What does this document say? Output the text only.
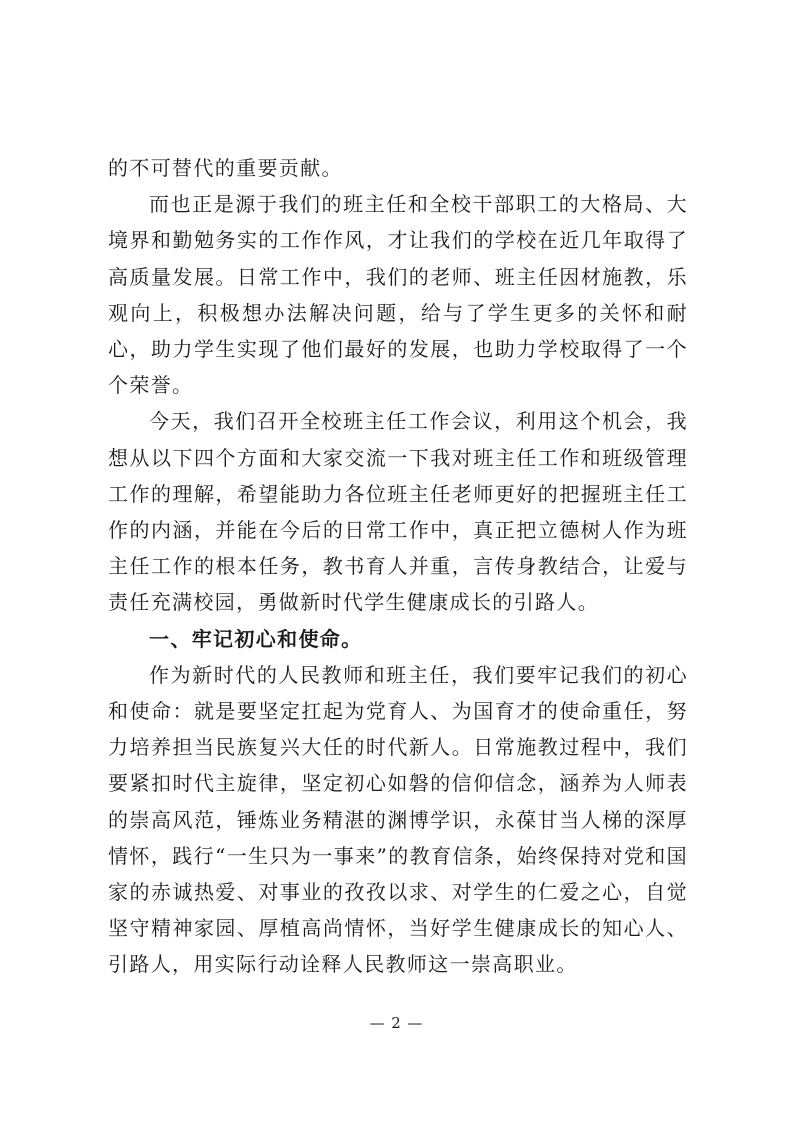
的不可替代的重要贡献。

而也正是源于我们的班主任和全校干部职工的大格局、大境界和勤勉务实的工作作风，才让我们的学校在近几年取得了高质量发展。日常工作中，我们的老师、班主任因材施教，乐观向上，积极想办法解决问题，给与了学生更多的关怀和耐心，助力学生实现了他们最好的发展，也助力学校取得了一个个荣誉。

今天，我们召开全校班主任工作会议，利用这个机会，我想从以下四个方面和大家交流一下我对班主任工作和班级管理工作的理解，希望能助力各位班主任老师更好的把握班主任工作的内涵，并能在今后的日常工作中，真正把立德树人作为班主任工作的根本任务，教书育人并重，言传身教结合，让爱与责任充满校园，勇做新时代学生健康成长的引路人。

一、牢记初心和使命。

作为新时代的人民教师和班主任，我们要牢记我们的初心和使命：就是要坚定扛起为党育人、为国育才的使命重任，努力培养担当民族复兴大任的时代新人。日常施教过程中，我们要紧扣时代主旋律，坚定初心如磐的信仰信念，涵养为人师表的崇高风范，锤炼业务精湛的渊博学识，永葆甘当人梯的深厚情怀，践行“一生只为一事来”的教育信条，始终保持对党和国家的赤诚热爱、对事业的孜孜以求、对学生的仁爱之心，自觉坚守精神家园、厚植高尚情怀，当好学生健康成长的知心人、引路人，用实际行动诠释人民教师这一崇高职业。

— 2 —
